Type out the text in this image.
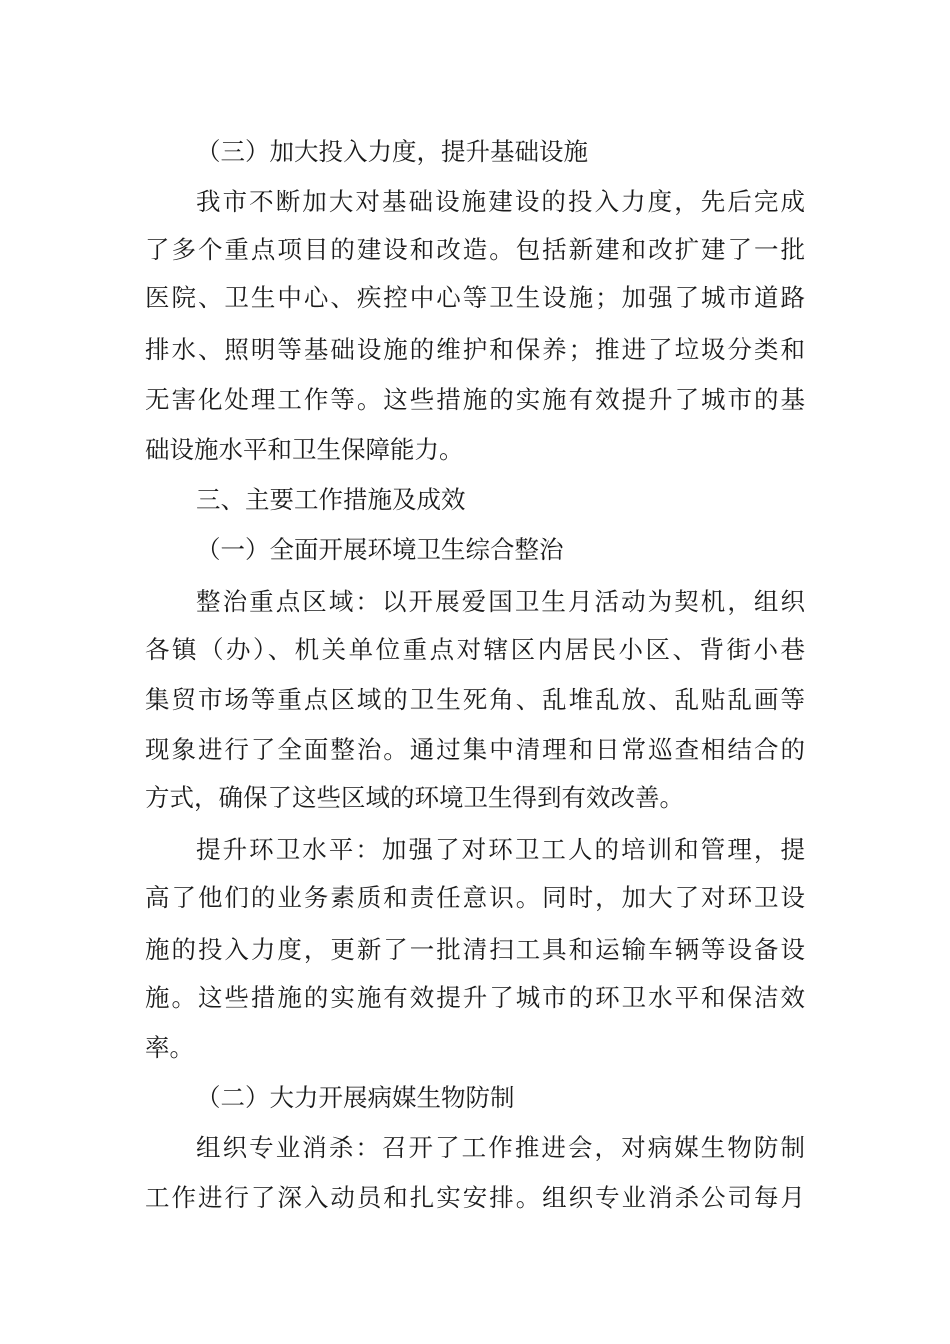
（三）加大投入力度，提升基础设施
我市不断加大对基础设施建设的投入力度，先后完成
了多个重点项目的建设和改造。包括新建和改扩建了一批
医院、卫生中心、疾控中心等卫生设施；加强了城市道路
排水、照明等基础设施的维护和保养；推进了垃圾分类和
无害化处理工作等。这些措施的实施有效提升了城市的基
础设施水平和卫生保障能力。
三、主要工作措施及成效
（一）全面开展环境卫生综合整治
整治重点区域：以开展爱国卫生月活动为契机，组织
各镇（办）、机关单位重点对辖区内居民小区、背街小巷
集贸市场等重点区域的卫生死角、乱堆乱放、乱贴乱画等
现象进行了全面整治。通过集中清理和日常巡查相结合的
方式，确保了这些区域的环境卫生得到有效改善。
提升环卫水平：加强了对环卫工人的培训和管理，提
高了他们的业务素质和责任意识。同时，加大了对环卫设
施的投入力度，更新了一批清扫工具和运输车辆等设备设
施。这些措施的实施有效提升了城市的环卫水平和保洁效
率。
（二）大力开展病媒生物防制
组织专业消杀：召开了工作推进会，对病媒生物防制
工作进行了深入动员和扎实安排。组织专业消杀公司每月
